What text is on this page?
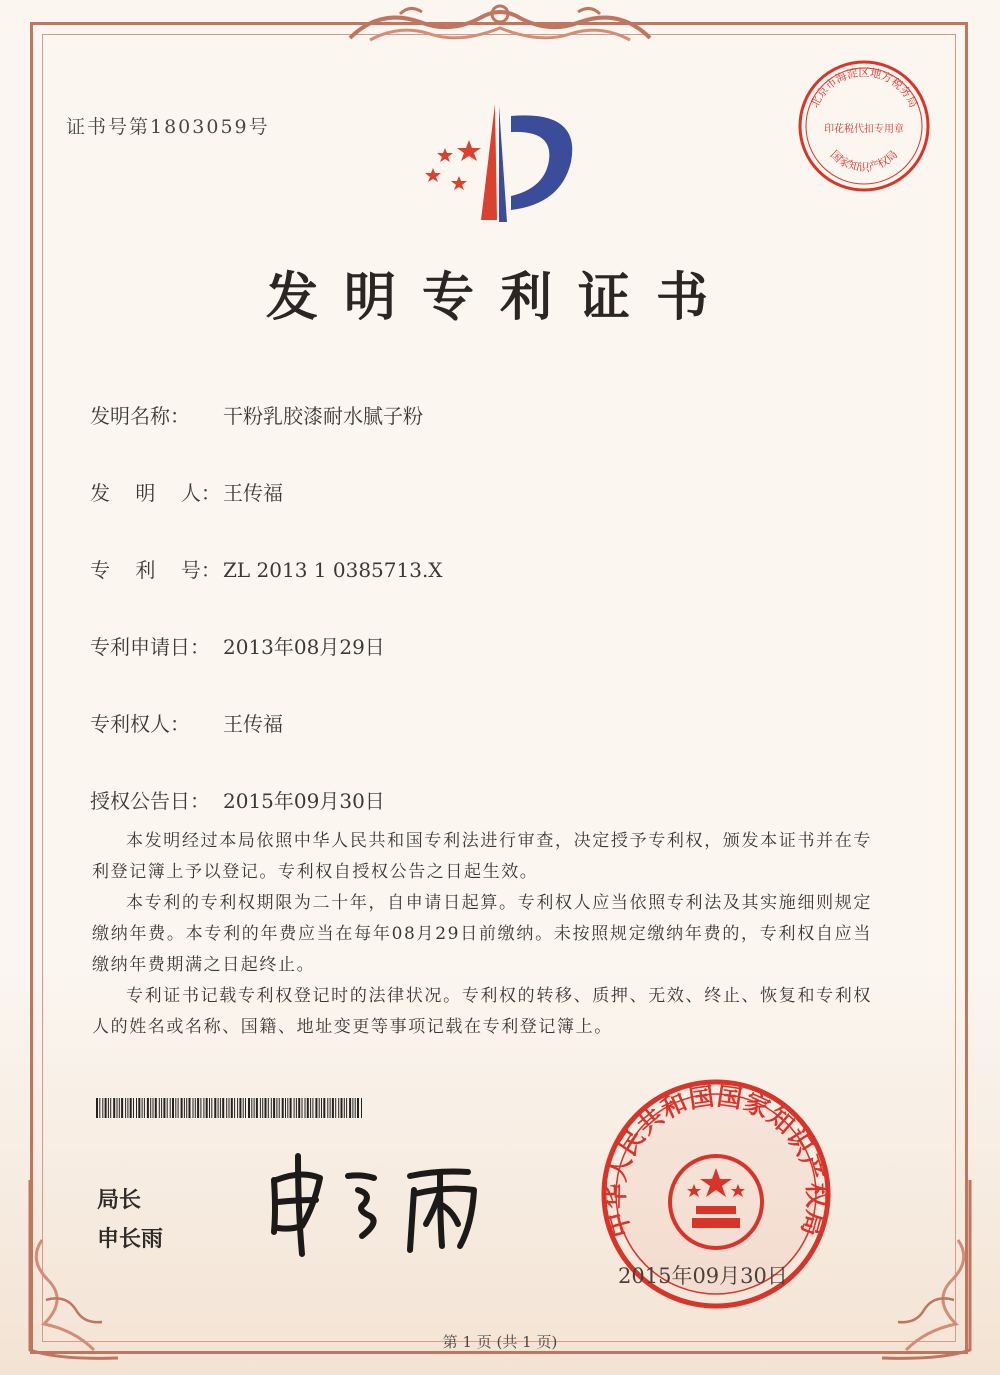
证书号第1803059号
北京市海淀区地方税务局
国家知识产权局
印花税代扣专用章
发明专利证书
发明名称： 干粉乳胶漆耐水腻子粉
发    明    人： 王传福
专    利    号： ZL 2013 1 0385713.X
专利申请日： 2013年08月29日
专利权人： 王传福
授权公告日： 2015年09月30日

本发明经过本局依照中华人民共和国专利法进行审查，决定授予专利权，颁发本证书并在专利登记簿上予以登记。专利权自授权公告之日起生效。

本专利的专利权期限为二十年，自申请日起算。专利权人应当依照专利法及其实施细则规定缴纳年费。本专利的年费应当在每年08月29日前缴纳。未按照规定缴纳年费的，专利权自应当缴纳年费期满之日起终止。

专利证书记载专利权登记时的法律状况。专利权的转移、质押、无效、终止、恢复和专利权人的姓名或名称、国籍、地址变更等事项记载在专利登记簿上。

局长
申长雨	中华人民共和国国家知识产权局
2015年09月30日
第 1 页 (共 1 页)
